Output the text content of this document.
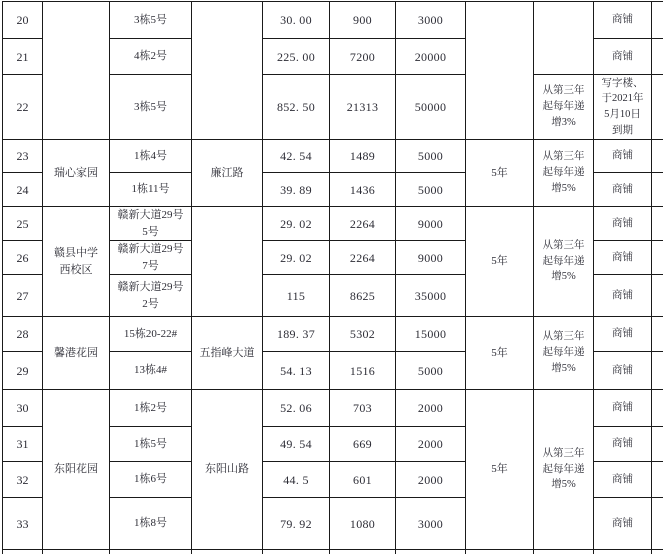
20		3栋5号		30. 00	900	3000			商铺	
21		4栋2号		225. 00	7200	20000			商铺	
22		3栋5号		852. 50	21313	50000		从第三年起每年递增3%	写字楼、于2021年5月10日到期	
23	瑞心家园	1栋4号	廉江路	42. 54	1489	5000	5年	从第三年起每年递增5%	商铺	
24		1栋11号		39. 89	1436	5000			商铺	
25	赣县中学西校区	赣新大道29号5号		29. 02	2264	9000	5年	从第三年起每年递增5%	商铺	
26		赣新大道29号7号		29. 02	2264	9000			商铺	
27		赣新大道29号2号		115	8625	35000			商铺	
28	馨港花园	15栋20-22#	五指峰大道	189. 37	5302	15000	5年	从第三年起每年递增5%	商铺	
29		13栋4#		54. 13	1516	5000			商铺	
30	东阳花园	1栋2号	东阳山路	52. 06	703	2000	5年	从第三年起每年递增5%	商铺	
31		1栋5号		49. 54	669	2000			商铺	
32		1栋6号		44. 5	601	2000			商铺	
33		1栋8号		79. 92	1080	3000			商铺	
